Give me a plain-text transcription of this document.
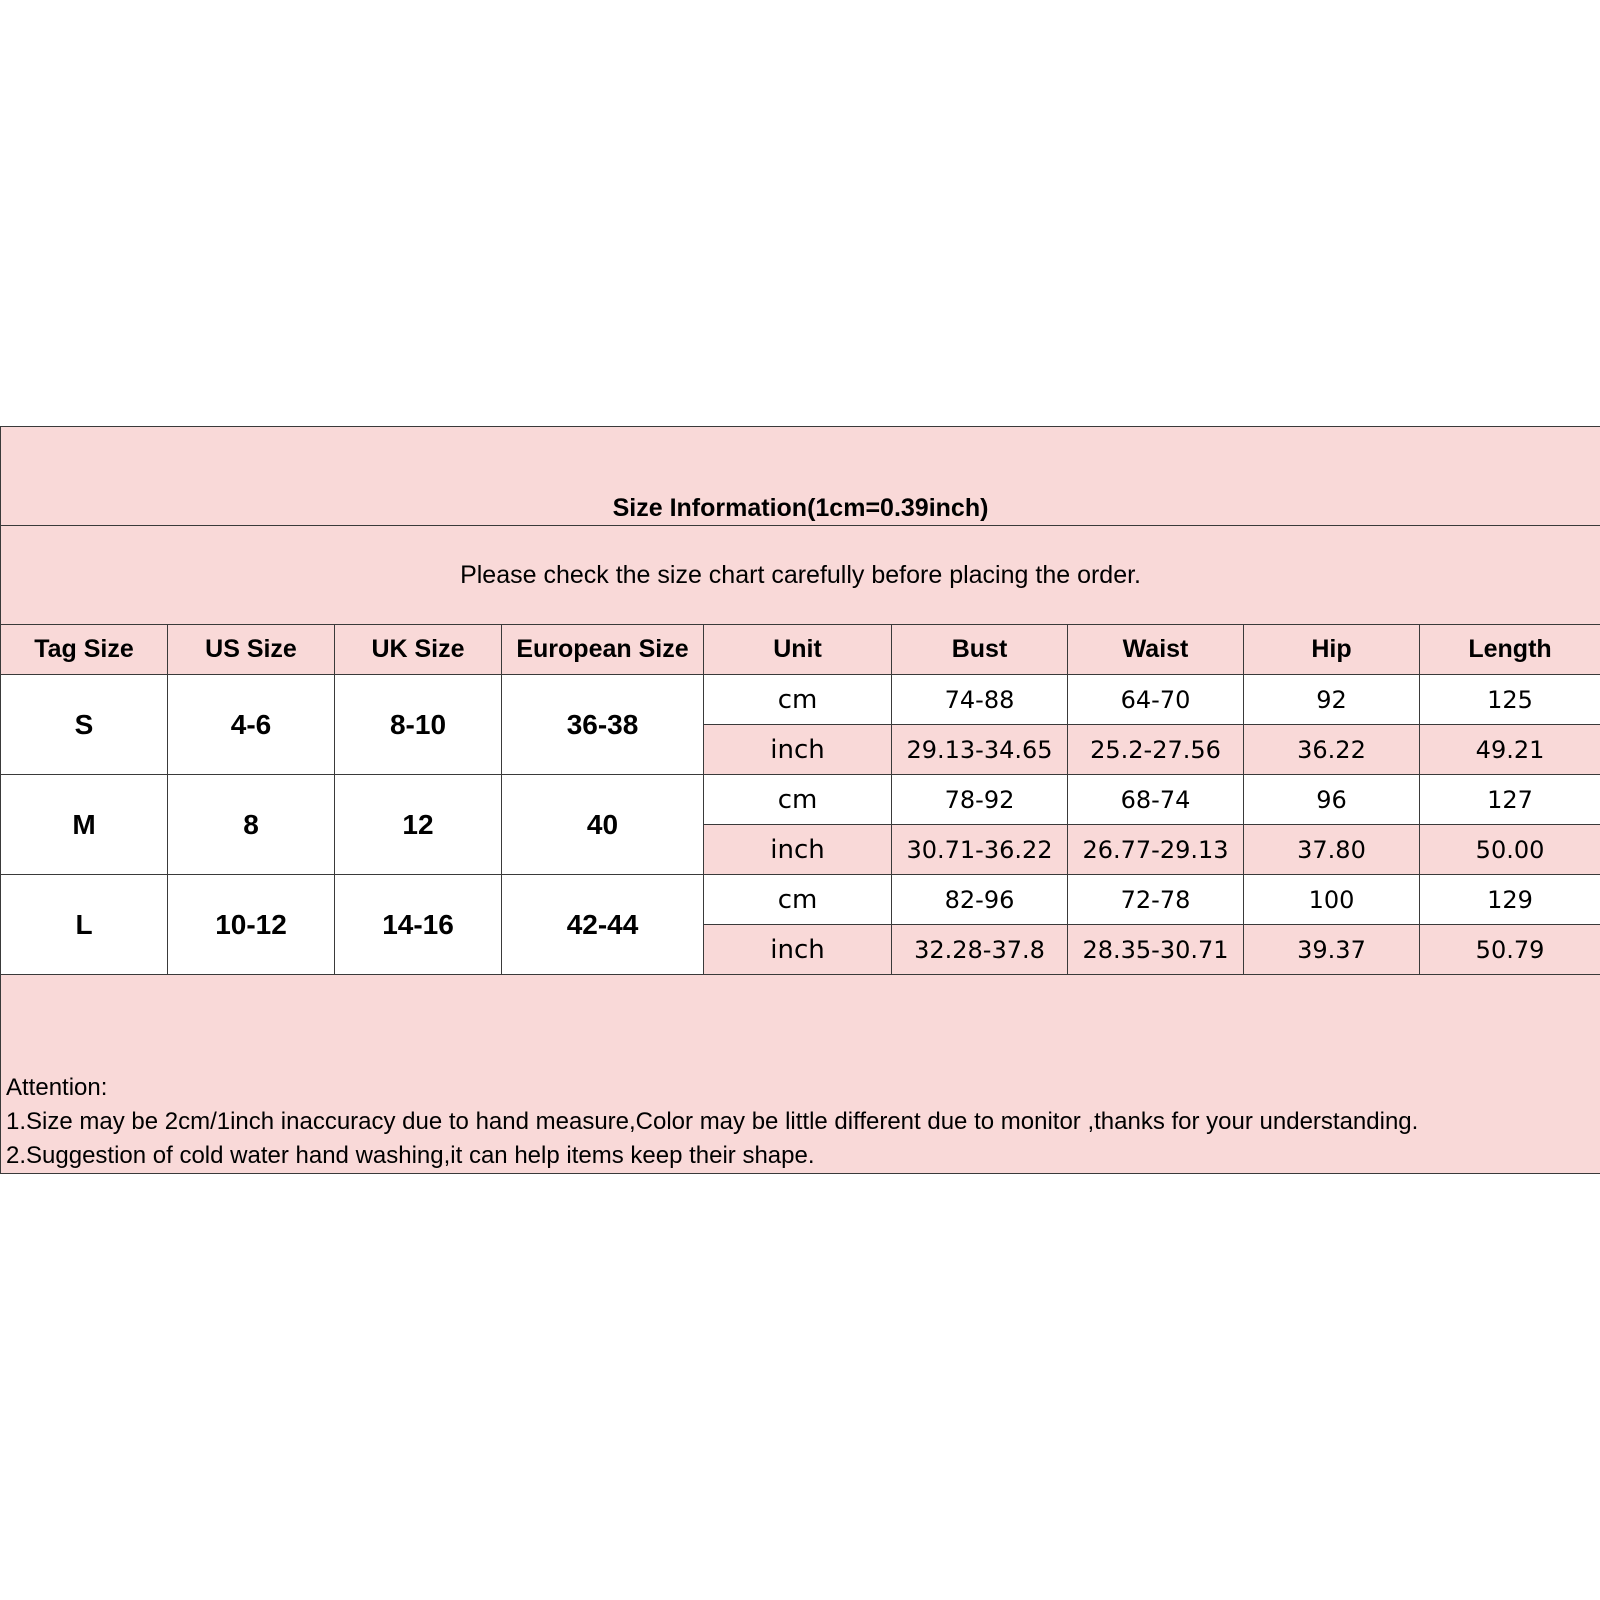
Size Information(1cm=0.39inch)								
Please check the size chart carefully before placing the order.								
Tag Size	US Size	UK Size	European Size	Unit	Bust	Waist	Hip	Length
S	4-6	8-10	36-38	cm	74-88	64-70	92	125
				inch	29.13-34.65	25.2-27.56	36.22	49.21
M	8	12	40	cm	78-92	68-74	96	127
				inch	30.71-36.22	26.77-29.13	37.80	50.00
L	10-12	14-16	42-44	cm	82-96	72-78	100	129
				inch	32.28-37.8	28.35-30.71	39.37	50.79

Attention:
1.Size may be 2cm/1inch inaccuracy due to hand measure,Color may be little different due to monitor ,thanks for your understanding.
2.Suggestion of cold water hand washing,it can help items keep their shape.								
